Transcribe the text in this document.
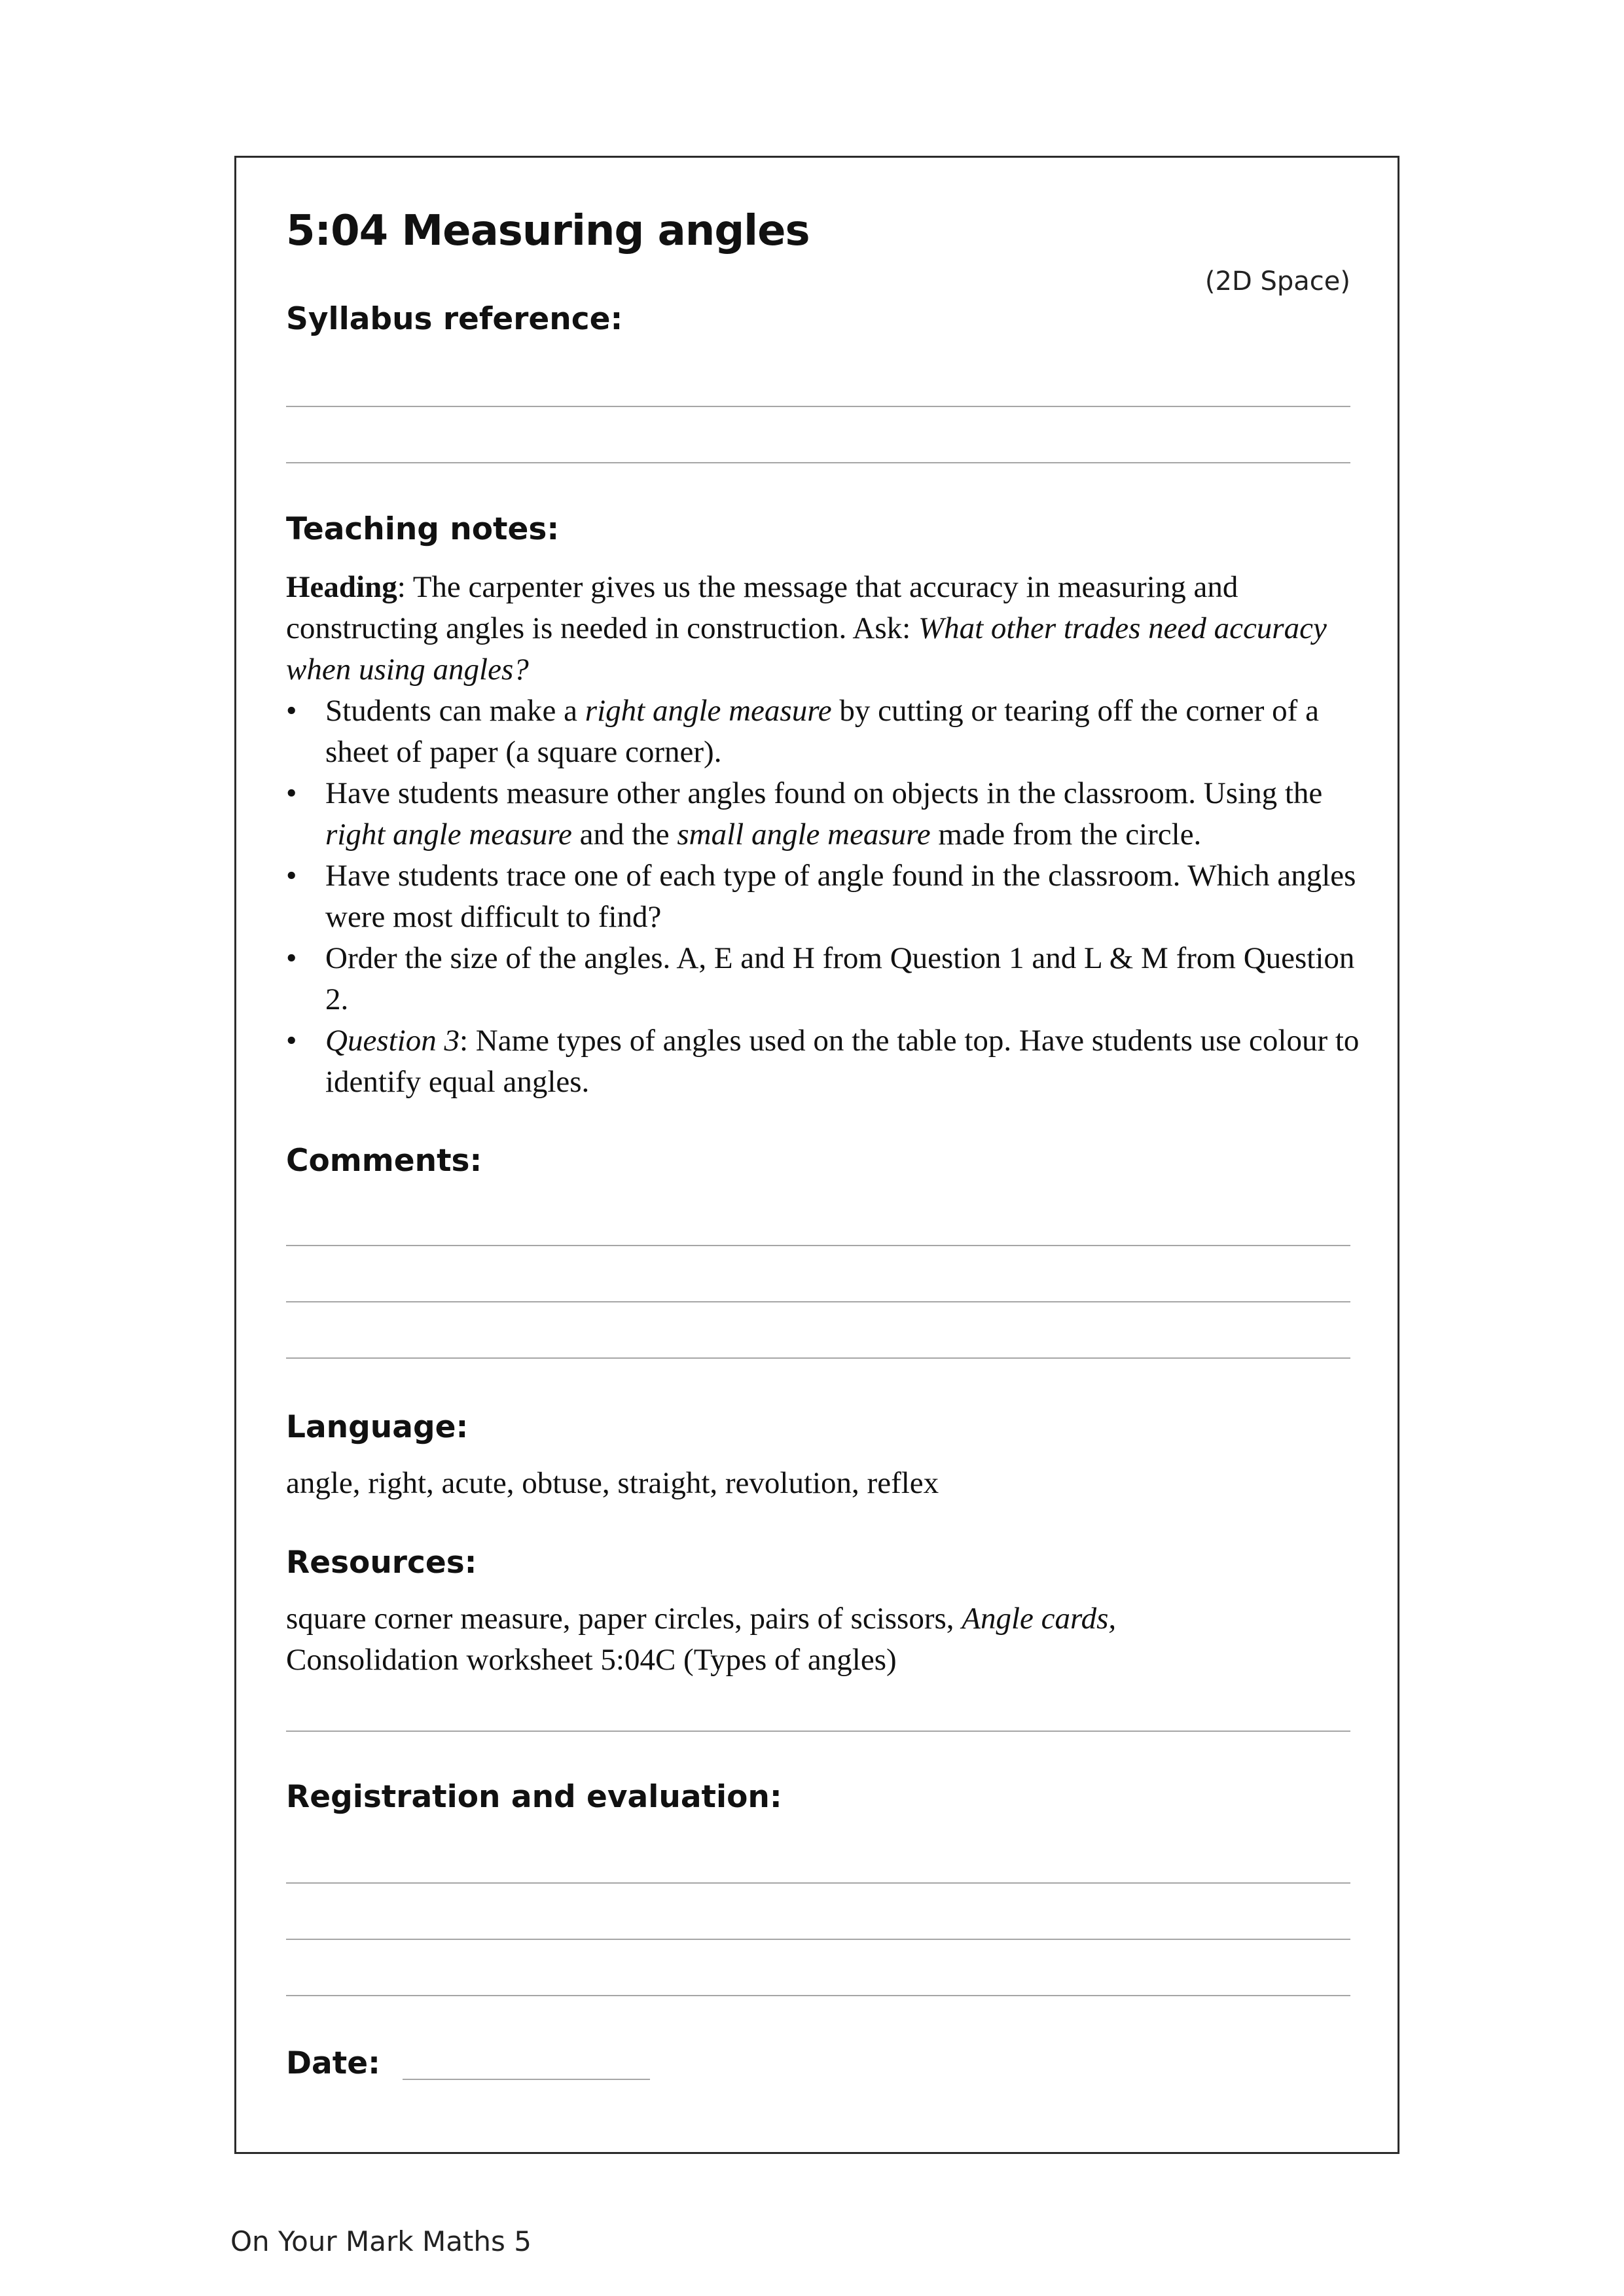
5:04 Measuring angles
(2D Space)
Syllabus reference:
Teaching notes:

Heading: The carpenter gives us the message that accuracy in measuring and constructing angles is needed in construction. Ask: What other trades need accuracy when using angles?

• Students can make a right angle measure by cutting or tearing off the corner of a sheet of paper (a square corner).
• Have students measure other angles found on objects in the classroom. Using the right angle measure and the small angle measure made from the circle.
• Have students trace one of each type of angle found in the classroom. Which angles were most difficult to find?
• Order the size of the angles. A, E and H from Question 1 and L & M from Question 2.
• Question 3: Name types of angles used on the table top. Have students use colour to identify equal angles.
Comments:
Language:
angle, right, acute, obtuse, straight, revolution, reflex
Resources:
square corner measure, paper circles, pairs of scissors, Angle cards,
Consolidation worksheet 5:04C (Types of angles)
Registration and evaluation:
Date:
On Your Mark Maths 5
